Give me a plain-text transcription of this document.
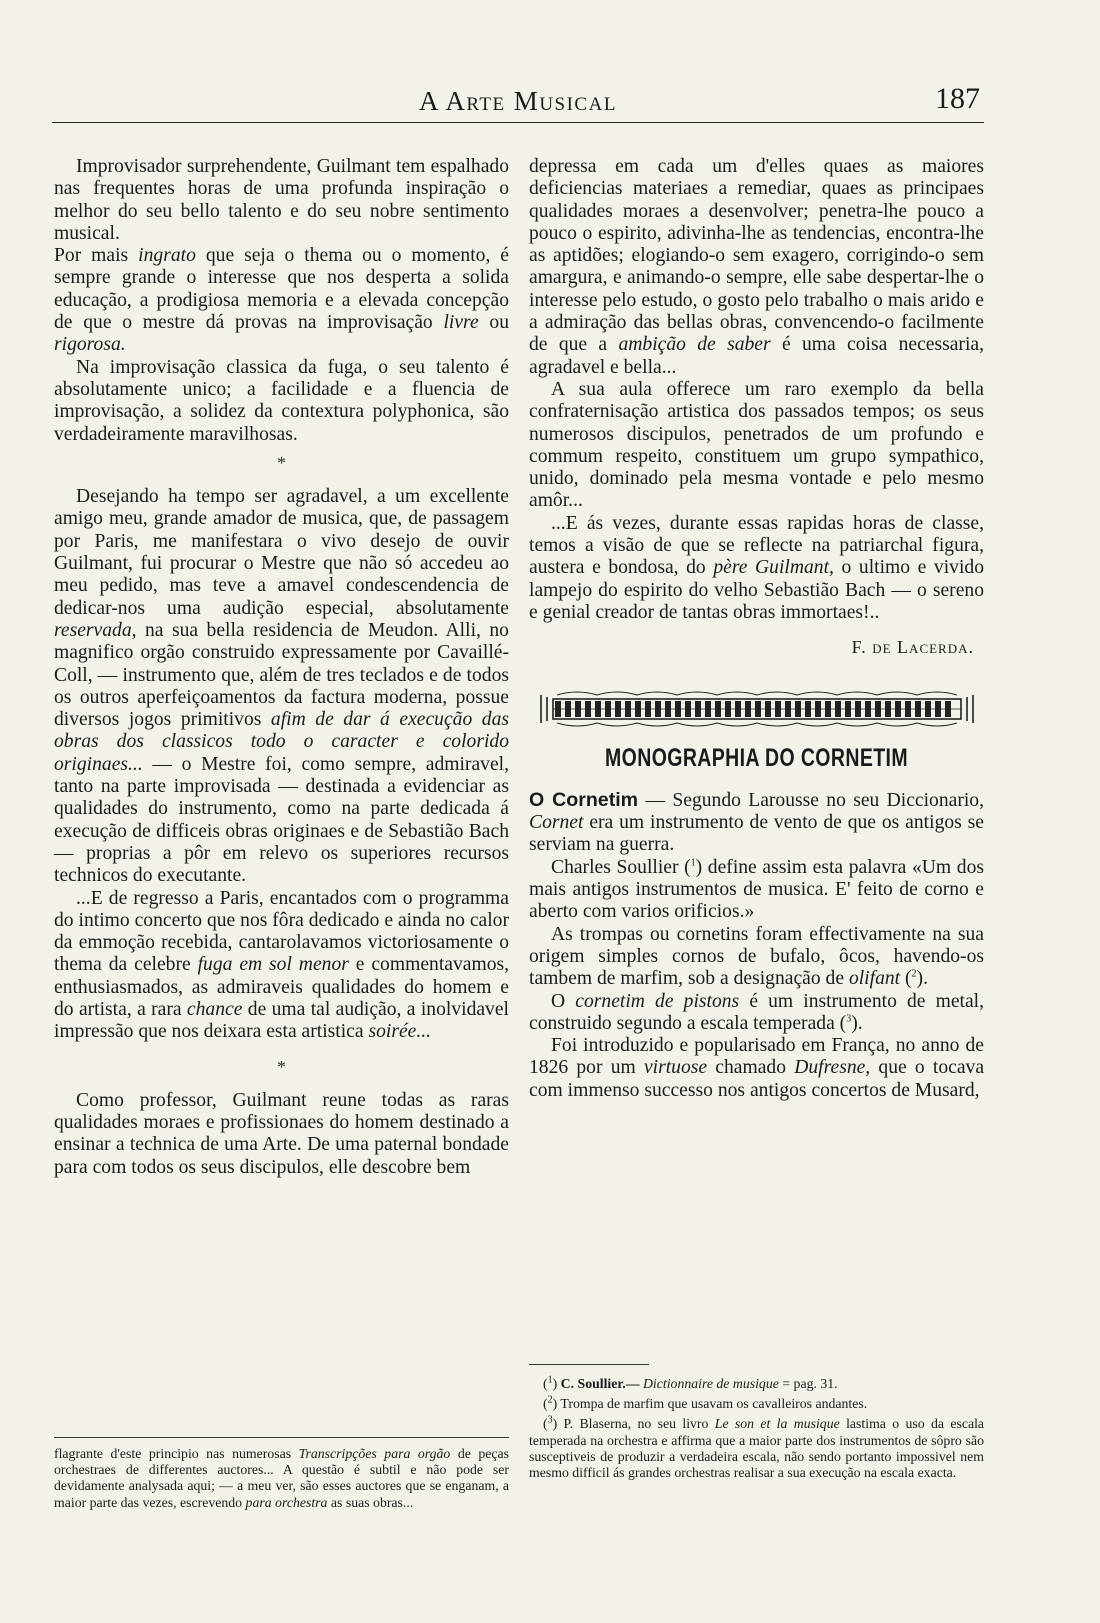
A Arte Musical	187

Improvisador surprehendente, Guilmant tem espalhado nas frequentes horas de uma profunda inspiração o melhor do seu bello talento e do seu nobre sentimento musical.

Por mais ingrato que seja o thema ou o momento, é sempre grande o interesse que nos desperta a solida educação, a prodigiosa memoria e a elevada concepção de que o mestre dá provas na improvisação livre ou rigorosa.

Na improvisação classica da fuga, o seu talento é absolutamente unico; a facilidade e a fluencia de improvisação, a solidez da contextura polyphonica, são verdadeiramente maravilhosas.

*

Desejando ha tempo ser agradavel, a um excellente amigo meu, grande amador de musica, que, de passagem por Paris, me manifestara o vivo desejo de ouvir Guilmant, fui procurar o Mestre que não só accedeu ao meu pedido, mas teve a amavel condescendencia de dedicar-nos uma audição especial, absolutamente reservada, na sua bella residencia de Meudon. Alli, no magnifico orgão construido expressamente por Cavaillé-Coll, — instrumento que, além de tres teclados e de todos os outros aperfeiçoamentos da factura moderna, possue diversos jogos primitivos afim de dar á execução das obras dos classicos todo o caracter e colorido originaes... — o Mestre foi, como sempre, admiravel, tanto na parte improvisada — destinada a evidenciar as qualidades do instrumento, como na parte dedicada á execução de difficeis obras originaes e de Sebastião Bach — proprias a pôr em relevo os superiores recursos technicos do executante.

...E de regresso a Paris, encantados com o programma do intimo concerto que nos fôra dedicado e ainda no calor da emmoção recebida, cantarolavamos victoriosamente o thema da celebre fuga em sol menor e commentavamos, enthusiasmados, as admiraveis qualidades do homem e do artista, a rara chance de uma tal audição, a inolvidavel impressão que nos deixara esta artistica soirée...

*

Como professor, Guilmant reune todas as raras qualidades moraes e profissionaes do homem destinado a ensinar a technica de uma Arte. De uma paternal bondade para com todos os seus discipulos, elle descobre bem

flagrante d'este principio nas numerosas Transcripções para orgão de peças orchestraes de differentes auctores... A questão é subtil e não pode ser devidamente analysada aqui; — a meu ver, são esses auctores que se enganam, a maior parte das vezes, escrevendo para orchestra as suas obras...

depressa em cada um d'elles quaes as maiores deficiencias materiaes a remediar, quaes as principaes qualidades moraes a desenvolver; penetra-lhe pouco a pouco o espirito, adivinha-lhe as tendencias, encontra-lhe as aptidões; elogiando-o sem exagero, corrigindo-o sem amargura, e animando-o sempre, elle sabe despertar-lhe o interesse pelo estudo, o gosto pelo trabalho o mais arido e a admiração das bellas obras, convencendo-o facilmente de que a ambição de saber é uma coisa necessaria, agradavel e bella...

A sua aula offerece um raro exemplo da bella confraternisação artistica dos passados tempos; os seus numerosos discipulos, penetrados de um profundo e commum respeito, constituem um grupo sympathico, unido, dominado pela mesma vontade e pelo mesmo amôr...

...E ás vezes, durante essas rapidas horas de classe, temos a visão de que se reflecte na patriarchal figura, austera e bondosa, do père Guilmant, o ultimo e vivido lampejo do espirito do velho Sebastião Bach — o sereno e genial creador de tantas obras immortaes!..

F. de Lacerda.
MONOGRAPHIA DO CORNETIM

O Cornetim — Segundo Larousse no seu Diccionario, Cornet era um instrumento de vento de que os antigos se serviam na guerra.

Charles Soullier ($^1$) define assim esta palavra «Um dos mais antigos instrumentos de musica. E' feito de corno e aberto com varios orificios.»

As trompas ou cornetins foram effectivamente na sua origem simples cornos de bufalo, ôcos, havendo-os tambem de marfim, sob a designação de olifant ($^2$).

O cornetim de pistons é um instrumento de metal, construido segundo a escala temperada ($^3$).

Foi introduzido e popularisado em França, no anno de 1826 por um virtuose chamado Dufresne, que o tocava com immenso successo nos antigos concertos de Musard,

($^1$) C. Soullier.— Dictionnaire de musique = pag. 31.

($^2$) Trompa de marfim que usavam os cavalleiros andantes.

($^3$) P. Blaserna, no seu livro Le son et la musique lastima o uso da escala temperada na orchestra e affirma que a maior parte dos instrumentos de sôpro são susceptiveis de produzir a verdadeira escala, não sendo portanto impossivel nem mesmo difficil ás grandes orchestras realisar a sua execução na escala exacta.
